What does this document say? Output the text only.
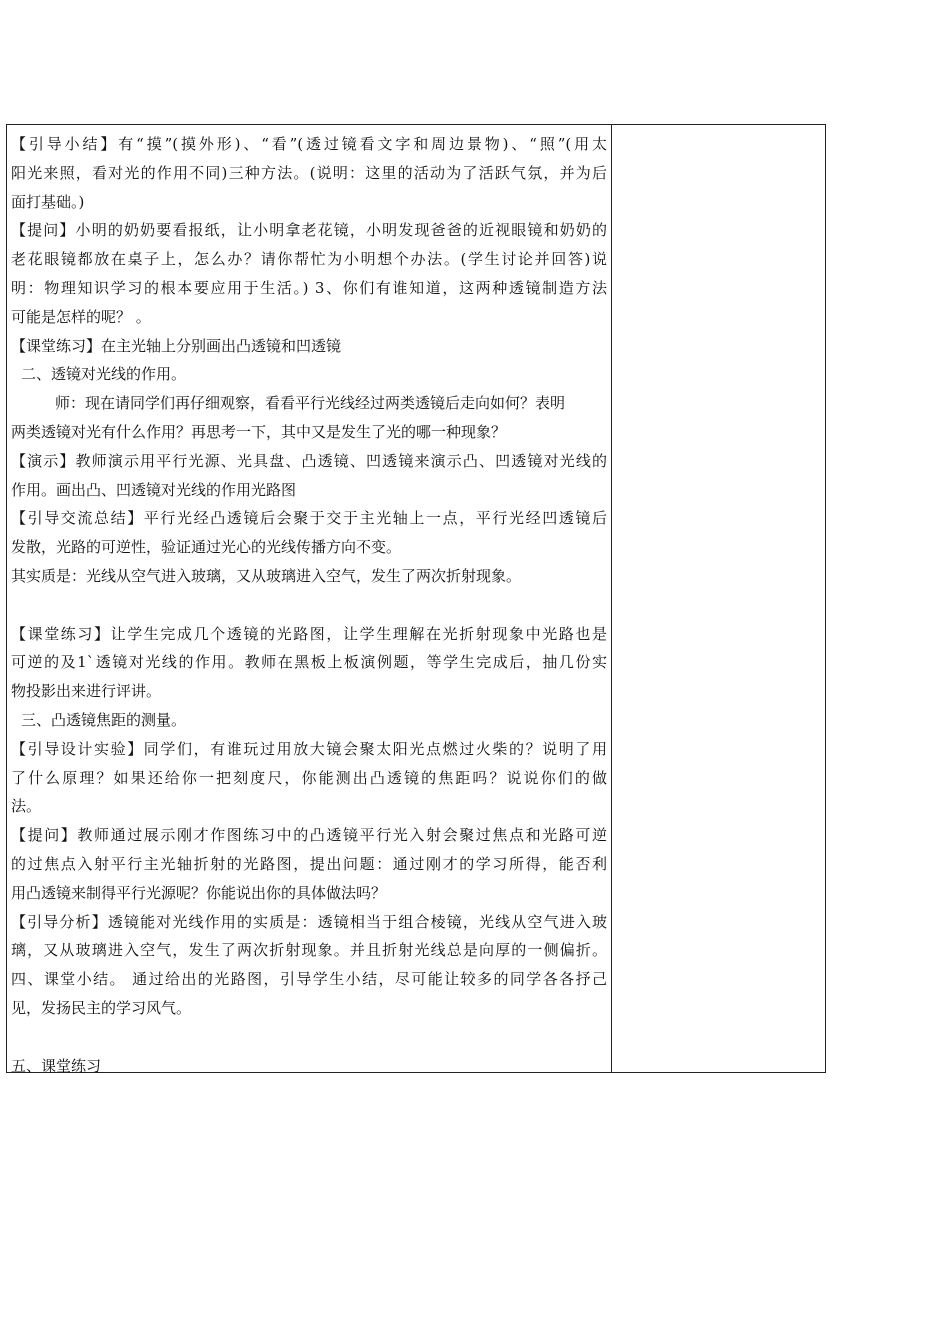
【引导小结】有“摸”(摸外形)、“看”(透过镜看文字和周边景物)、“照”(用太
阳光来照，看对光的作用不同)三种方法。(说明：这里的活动为了活跃气氛，并为后
面打基础。)
【提问】小明的奶奶要看报纸，让小明拿老花镜，小明发现爸爸的近视眼镜和奶奶的
老花眼镜都放在桌子上，怎么办？请你帮忙为小明想个办法。(学生讨论并回答)说
明：物理知识学习的根本要应用于生活。) 3、你们有谁知道，这两种透镜制造方法
可能是怎样的呢？ 。
【课堂练习】在主光轴上分别画出凸透镜和凹透镜
二、透镜对光线的作用。
师：现在请同学们再仔细观察，看看平行光线经过两类透镜后走向如何？表明
两类透镜对光有什么作用？再思考一下，其中又是发生了光的哪一种现象？
【演示】教师演示用平行光源、光具盘、凸透镜、凹透镜来演示凸、凹透镜对光线的
作用。画出凸、凹透镜对光线的作用光路图
【引导交流总结】平行光经凸透镜后会聚于交于主光轴上一点，平行光经凹透镜后
发散，光路的可逆性，验证通过光心的光线传播方向不变。
其实质是：光线从空气进入玻璃，又从玻璃进入空气，发生了两次折射现象。
【课堂练习】让学生完成几个透镜的光路图，让学生理解在光折射现象中光路也是
可逆的及1`透镜对光线的作用。教师在黑板上板演例题，等学生完成后，抽几份实
物投影出来进行评讲。
三、凸透镜焦距的测量。
【引导设计实验】同学们，有谁玩过用放大镜会聚太阳光点燃过火柴的？说明了用
了什么原理？如果还给你一把刻度尺，你能测出凸透镜的焦距吗？说说你们的做
法。
【提问】教师通过展示刚才作图练习中的凸透镜平行光入射会聚过焦点和光路可逆
的过焦点入射平行主光轴折射的光路图，提出问题：通过刚才的学习所得，能否利
用凸透镜来制得平行光源呢？你能说出你的具体做法吗？
【引导分析】透镜能对光线作用的实质是：透镜相当于组合棱镜，光线从空气进入玻
璃，又从玻璃进入空气，发生了两次折射现象。并且折射光线总是向厚的一侧偏折。
四、课堂小结。 通过给出的光路图，引导学生小结，尽可能让较多的同学各各抒己
见，发扬民主的学习风气。
五、课堂练习
